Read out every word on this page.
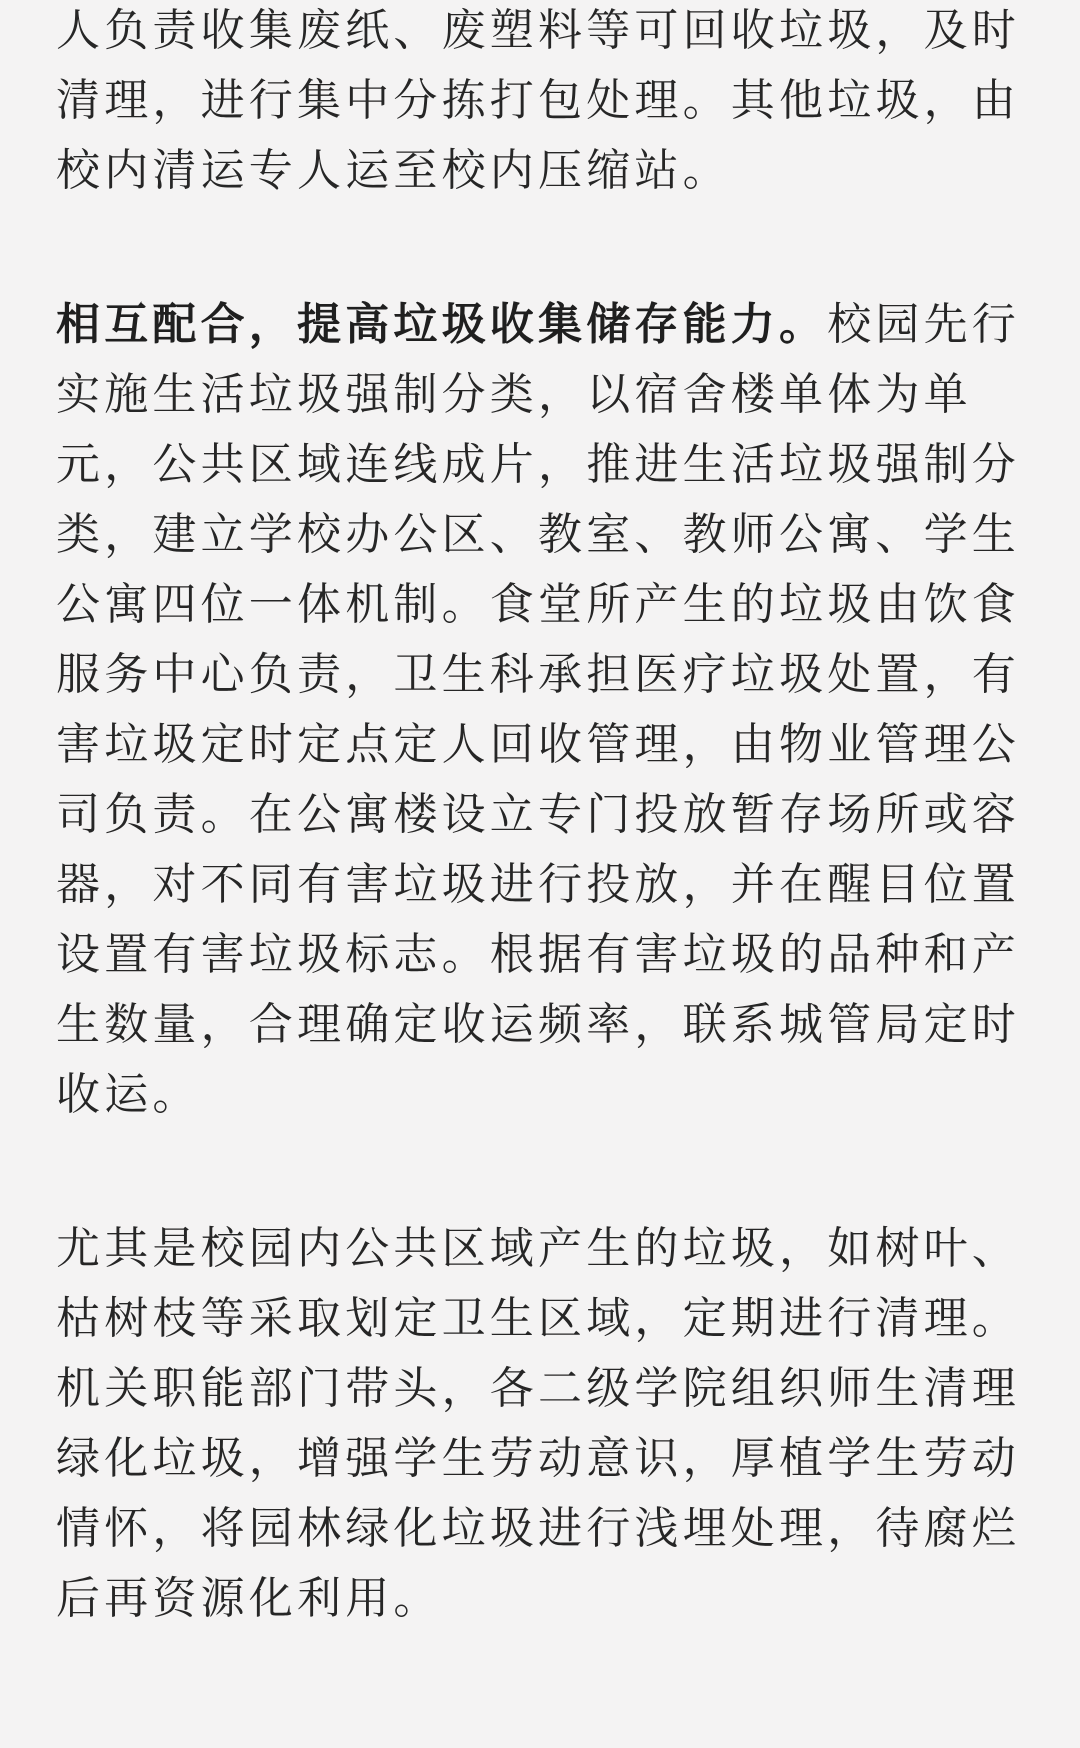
人负责收集废纸、废塑料等可回收垃圾，及时
清理，进行集中分拣打包处理。其他垃圾，由
校内清运专人运至校内压缩站。
相互配合，提高垃圾收集储存能力。校园先行
实施生活垃圾强制分类，以宿舍楼单体为单
元，公共区域连线成片，推进生活垃圾强制分
类，建立学校办公区、教室、教师公寓、学生
公寓四位一体机制。食堂所产生的垃圾由饮食
服务中心负责，卫生科承担医疗垃圾处置，有
害垃圾定时定点定人回收管理，由物业管理公
司负责。在公寓楼设立专门投放暂存场所或容
器，对不同有害垃圾进行投放，并在醒目位置
设置有害垃圾标志。根据有害垃圾的品种和产
生数量，合理确定收运频率，联系城管局定时
收运。
尤其是校园内公共区域产生的垃圾，如树叶、
枯树枝等采取划定卫生区域，定期进行清理。
机关职能部门带头，各二级学院组织师生清理
绿化垃圾，增强学生劳动意识，厚植学生劳动
情怀，将园林绿化垃圾进行浅埋处理，待腐烂
后再资源化利用。
